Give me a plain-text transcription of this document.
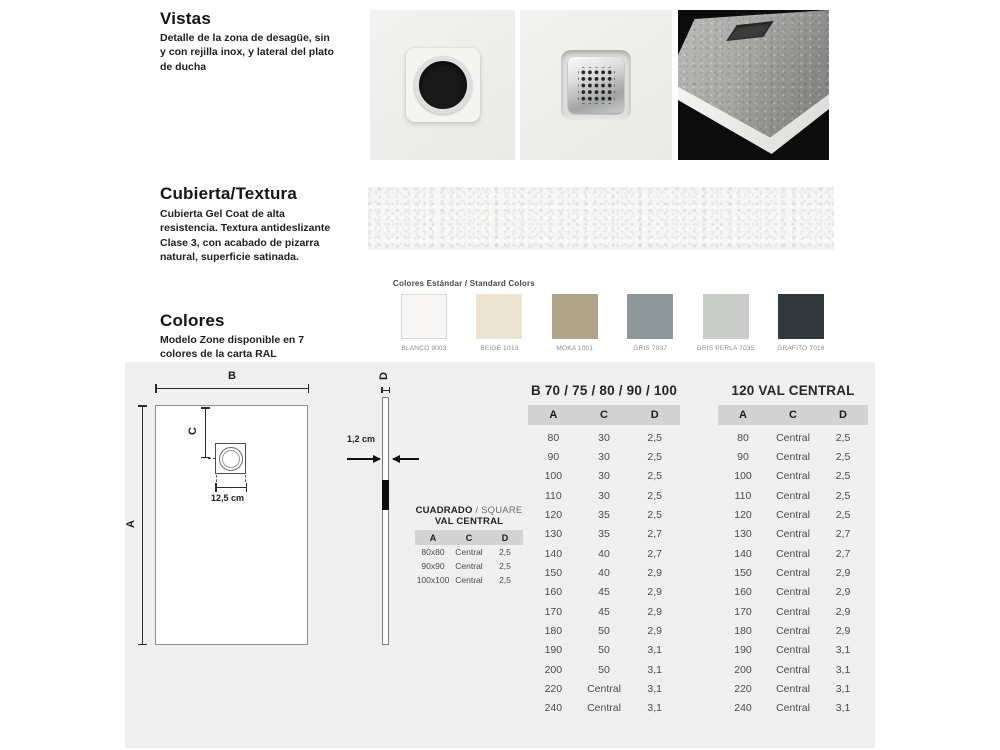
Vistas
Detalle de la zona de desagüe, sin y con rejilla inox, y lateral del plato de ducha
Cubierta/Textura
Cubierta Gel Coat de alta resistencia. Textura antideslizante Clase 3, con acabado de pizarra natural, superficie satinada.
Colores
Modelo Zone disponible en 7 colores de la carta RAL
Colores Estándar / Standard Colors
BLANCO 9003	BEIGE 1013	MOKA 1001	GRIS 7037	GRIS PERLA 7035	GRAFITO 7016
B
A
C
12,5 cm
D
1,2 cm
CUADRADO / SQUARE
VAL CENTRAL
A	C	D
80x80	Central	2,5
90x90	Central	2,5
100x100 Central	2,5
B 70 / 75 / 80 / 90 / 100
A	C	D
80	30	2,5
90	30	2,5
100	30	2,5
110	30	2,5
120	35	2,5
130	35	2,7
140	40	2,7
150	40	2,9
160	45	2,9
170	45	2,9
180	50	2,9
190	50	3,1
200	50	3,1
220	Central	3,1
240	Central	3,1
120 VAL CENTRAL
A	C	D
80	Central	2,5
90	Central	2,5
100	Central	2,5
110	Central	2,5
120	Central	2,5
130	Central	2,7
140	Central	2,7
150	Central	2,9
160	Central	2,9
170	Central	2,9
180	Central	2,9
190	Central	3,1
200	Central	3,1
220	Central	3,1
240	Central	3,1
